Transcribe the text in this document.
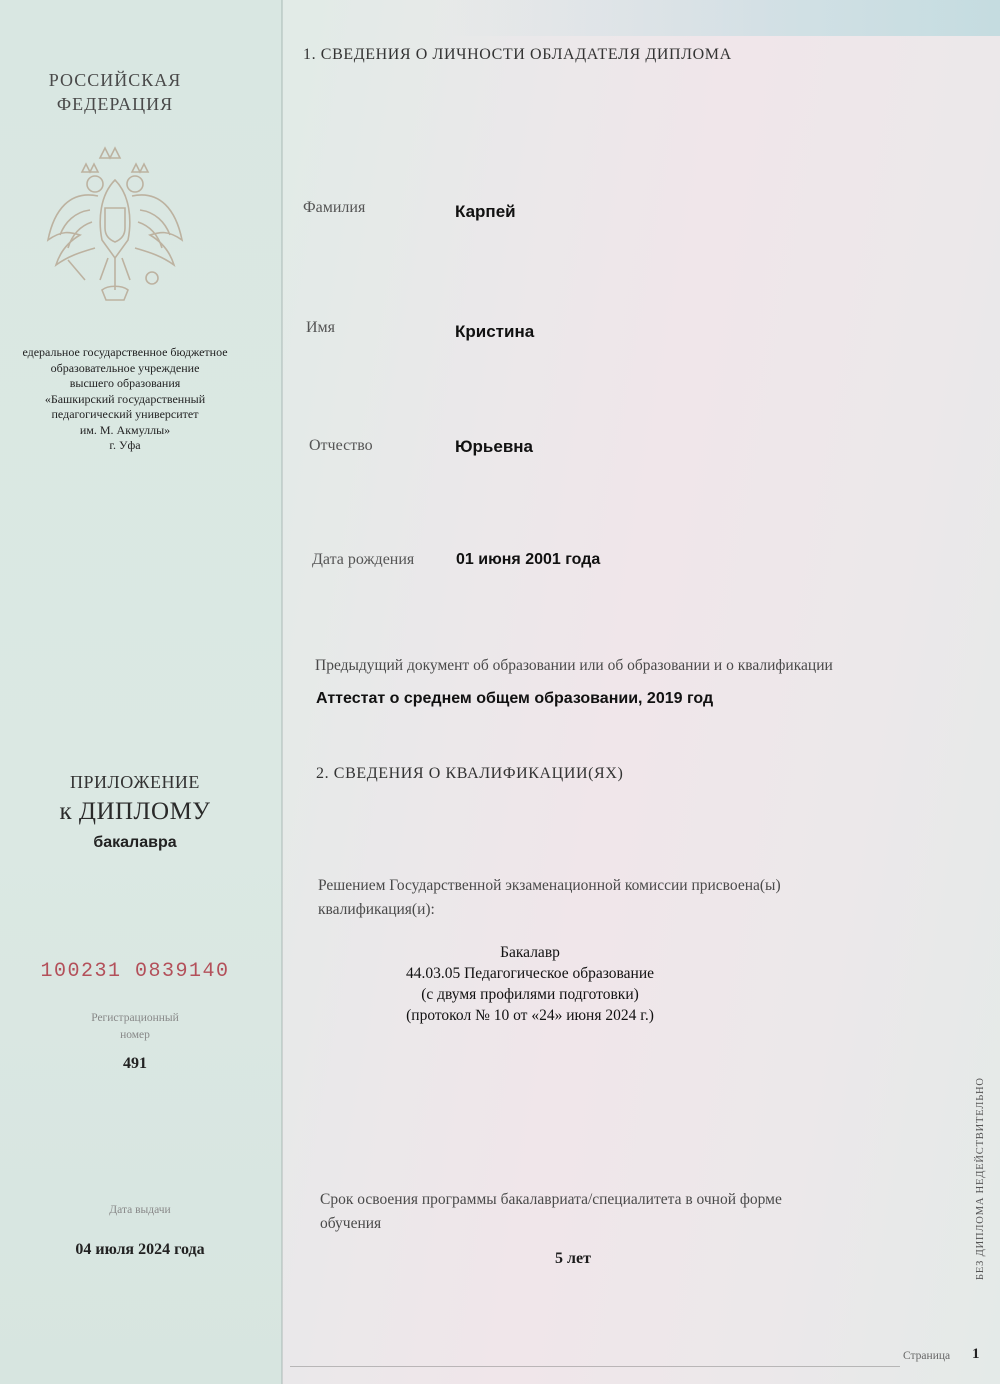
РОССИЙСКАЯ
ФЕДЕРАЦИЯ
едеральное государственное бюджетное
образовательное учреждение
высшего образования
«Башкирский государственный
педагогический университет
им. М. Акмуллы»
г. Уфа
ПРИЛОЖЕНИЕ
к ДИПЛОМУ
бакалавра
100231 0839140
Регистрационный
номер
491
Дата выдачи
04 июля 2024 года
1. СВЕДЕНИЯ О ЛИЧНОСТИ ОБЛАДАТЕЛЯ ДИПЛОМА
Фамилия	Карпей
Имя	Кристина
Отчество	Юрьевна
Дата рождения	01 июня 2001 года
Предыдущий документ об образовании или об образовании и о квалификации
Аттестат о среднем общем образовании, 2019 год
2. СВЕДЕНИЯ О КВАЛИФИКАЦИИ(ЯХ)
Решением Государственной экзаменационной комиссии присвоена(ы)
квалификация(и):
Бакалавр
44.03.05 Педагогическое образование
(с двумя профилями подготовки)
(протокол № 10 от «24» июня 2024 г.)
Срок освоения программы бакалавриата/специалитета в очной форме
обучения
5 лет	БЕЗ ДИПЛОМА НЕДЕЙСТВИТЕЛЬНО
Страница 1
